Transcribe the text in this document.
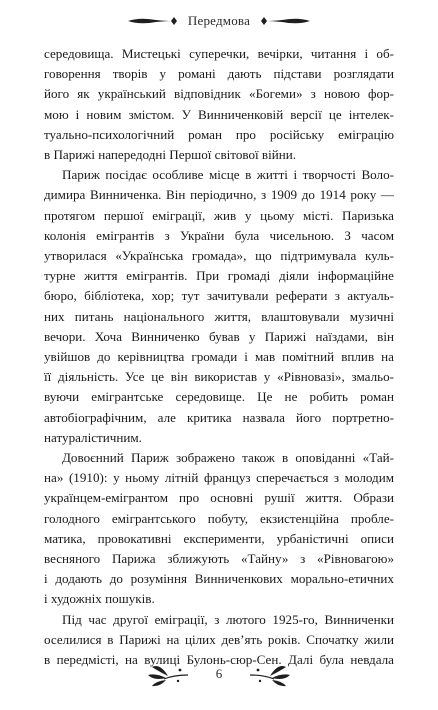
Передмова

середовища. Мистецькі суперечки, вечірки, читання і об-
говорення творів у романі дають підстави розглядати
його як український відповідник «Богеми» з новою фор-
мою і новим змістом. У Винниченковій версії це інтелек-
туально-психологічний роман про російську еміграцію
в Парижі напередодні Першої світової війни.

Париж посідає особливе місце в житті і творчості Воло-
димира Винниченка. Він періодично, з 1909 до 1914 року —
протягом першої еміграції, жив у цьому місті. Паризька
колонія емігрантів з України була чисельною. З часом
утворилася «Українська громада», що підтримувала куль-
турне життя емігрантів. При громаді діяли інформаційне
бюро, бібліотека, хор; тут зачитували реферати з актуаль-
них питань національного життя, влаштовували музичні
вечори. Хоча Винниченко бував у Парижі наїздами, він
увійшов до керівництва громади і мав помітний вплив на
її діяльність. Усе це він використав у «Рівновазі», змальо-
вуючи емігрантське середовище. Це не робить роман
автобіографічним, але критика назвала його портретно-
натуралістичним.

Довоєнний Париж зображено також в оповіданні «Тай-
на» (1910): у ньому літній француз сперечається з молодим
українцем-емігрантом про основні рушії життя. Образи
голодного емігрантського побуту, екзистенційна пробле-
матика, провокативні експерименти, урбаністичні описи
весняного Парижа зближують «Тайну» з «Рівновагою»
і додають до розуміння Винниченкових морально-етичних
і художніх пошуків.

Під час другої еміграції, з лютого 1925-го, Винниченки
оселилися в Парижі на цілих дев’ять років. Спочатку жили
в передмісті, на вулиці Булонь-сюр-Сен. Далі була невдала

6
